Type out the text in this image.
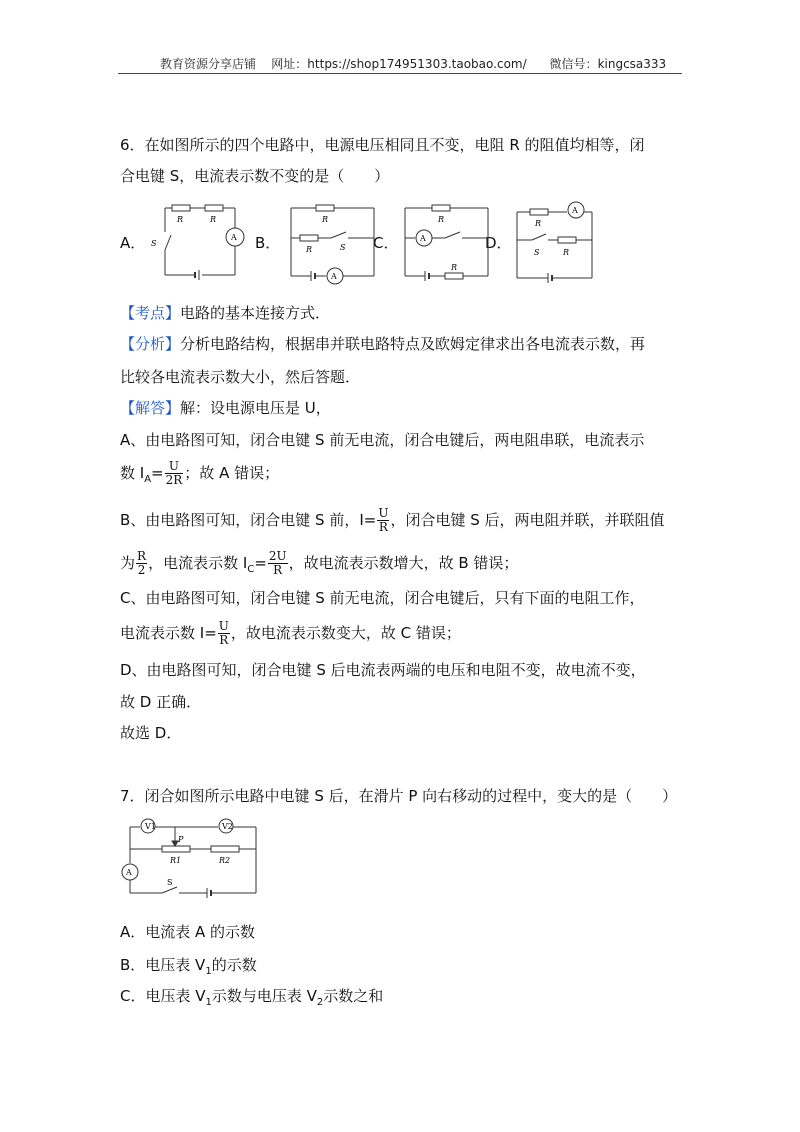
教育资源分享店铺 网址：https://shop174951303.taobao.com/ 微信号：kingcsa333
6．在如图所示的四个电路中，电源电压相同且不变，电阻 R 的阻值均相等，闭
合电键 S，电流表示数不变的是（　　）
A．	B．	C．	D．
R	R
S
A
R
R	S
A
R
R
A
R
S	R
A
【考点】电路的基本连接方式．
【分析】分析电路结构，根据串并联电路特点及欧姆定律求出各电流表示数，再
比较各电流表示数大小，然后答题．
【解答】解：设电源电压是 U，
A、由电路图可知，闭合电键 S 前无电流，闭合电键后，两电阻串联，电流表示
数 $I_A= \frac{U}{2R}$ ；故 A 错误；
B、由电路图可知，闭合电键 S 前，$I= \frac{U}{R}$ ，闭合电键 S 后，两电阻并联，并联阻值
为 $\frac{R}{2}$ ，电流表示数 $I_C= \frac{2U}{R}$ ，故电流表示数增大，故 B 错误；
C、由电路图可知，闭合电键 S 前无电流，闭合电键后，只有下面的电阻工作，
电流表示数 $I= \frac{U}{R}$ ，故电流表示数变大，故 C 错误；
D、由电路图可知，闭合电键 S 后电流表两端的电压和电阻不变，故电流不变，
故 D 正确．
故选 D．
7．闭合如图所示电路中电键 S 后，在滑片 P 向右移动的过程中，变大的是（　　）
V1	V2
A
P
R1	R2
S
A．电流表 A 的示数
B．电压表 $V_1$的示数
C．电压表 $V_1$示数与电压表 $V_2$示数之和
